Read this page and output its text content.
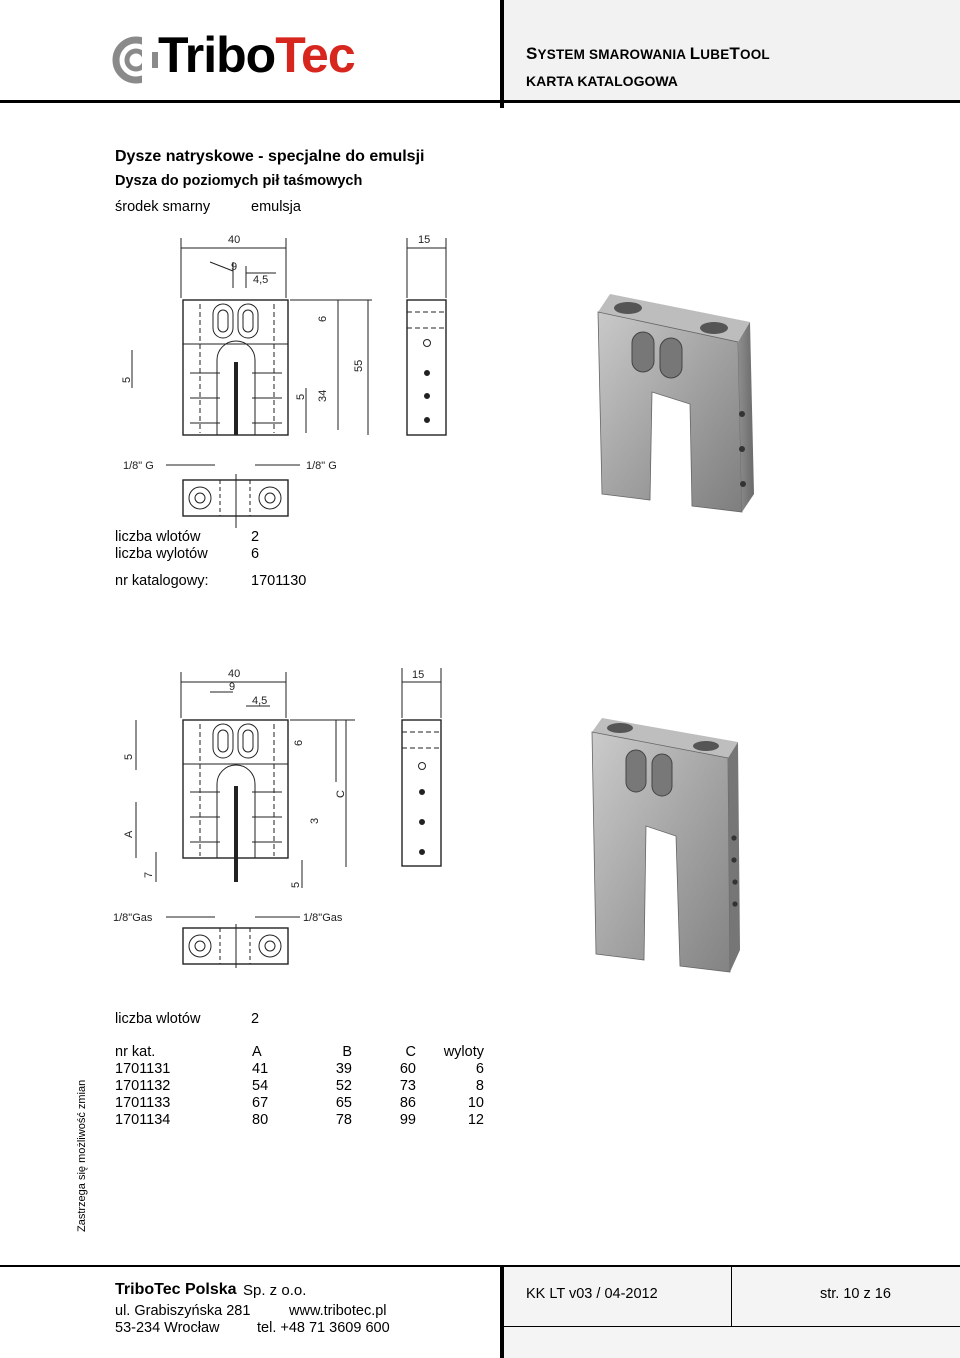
TriboTec	SYSTEM SMAROWANIA LUBETOOL
KARTA KATALOGOWA
Dysze natryskowe - specjalne do emulsji
Dysza do poziomych pił taśmowych
środek smarny	emulsja
40
9
4,5
6
34
5
5
1/8" G	1/8" G
55
15
liczba wlotów	2
liczba wylotów	6
nr katalogowy:	1701130
40
9
4,5
6
C
3
5
5
A
7
1/8"Gas	1/8"Gas
15
liczba wlotów	2
nr kat.	A	B	C	wyloty
1701131	41	39	60	6
1701132	54	52	73	8
1701133	67	65	86	10
1701134	80	78	99	12
Zastrzega się możliwość zmian
TriboTec Polska Sp. z o.o.
ul. Grabiszyńska 281	www.tribotec.pl
53-234 Wrocław	tel. +48 71 3609 600
KK LT v03 / 04-2012	str. 10 z 16
